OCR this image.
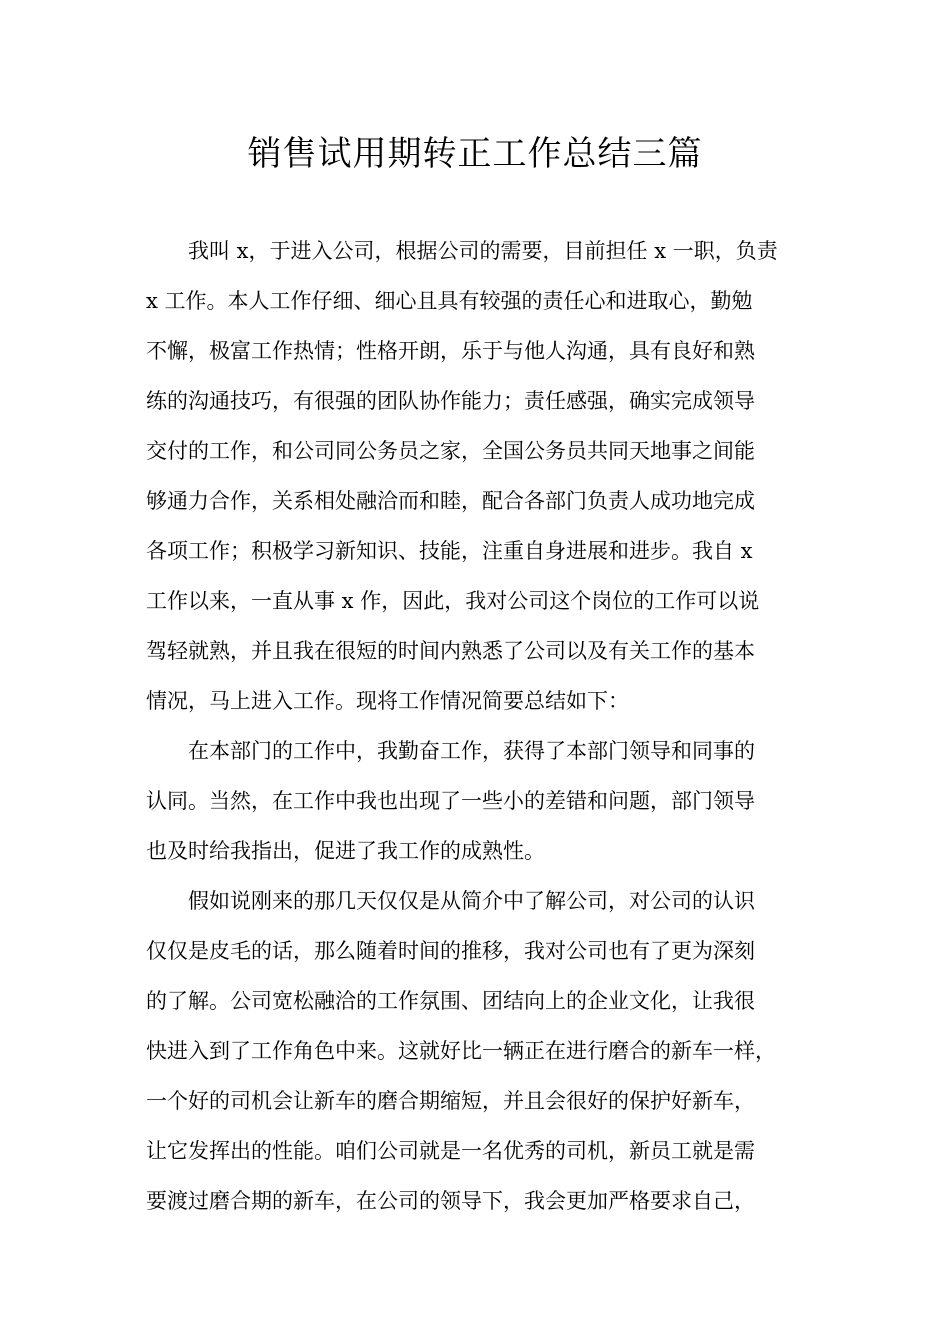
销售试用期转正工作总结三篇
我叫 x，于进入公司，根据公司的需要，目前担任 x 一职，负责
x 工作。本人工作仔细、细心且具有较强的责任心和进取心，勤勉
不懈，极富工作热情；性格开朗，乐于与他人沟通，具有良好和熟
练的沟通技巧，有很强的团队协作能力；责任感强，确实完成领导
交付的工作，和公司同公务员之家，全国公务员共同天地事之间能
够通力合作，关系相处融洽而和睦，配合各部门负责人成功地完成
各项工作；积极学习新知识、技能，注重自身进展和进步。我自 x
工作以来，一直从事 x 作，因此，我对公司这个岗位的工作可以说
驾轻就熟，并且我在很短的时间内熟悉了公司以及有关工作的基本
情况，马上进入工作。现将工作情况简要总结如下：
在本部门的工作中，我勤奋工作，获得了本部门领导和同事的
认同。当然，在工作中我也出现了一些小的差错和问题，部门领导
也及时给我指出，促进了我工作的成熟性。
假如说刚来的那几天仅仅是从简介中了解公司，对公司的认识
仅仅是皮毛的话，那么随着时间的推移，我对公司也有了更为深刻
的了解。公司宽松融洽的工作氛围、团结向上的企业文化，让我很
快进入到了工作角色中来。这就好比一辆正在进行磨合的新车一样，
一个好的司机会让新车的磨合期缩短，并且会很好的保护好新车，
让它发挥出的性能。咱们公司就是一名优秀的司机，新员工就是需
要渡过磨合期的新车，在公司的领导下，我会更加严格要求自己，
